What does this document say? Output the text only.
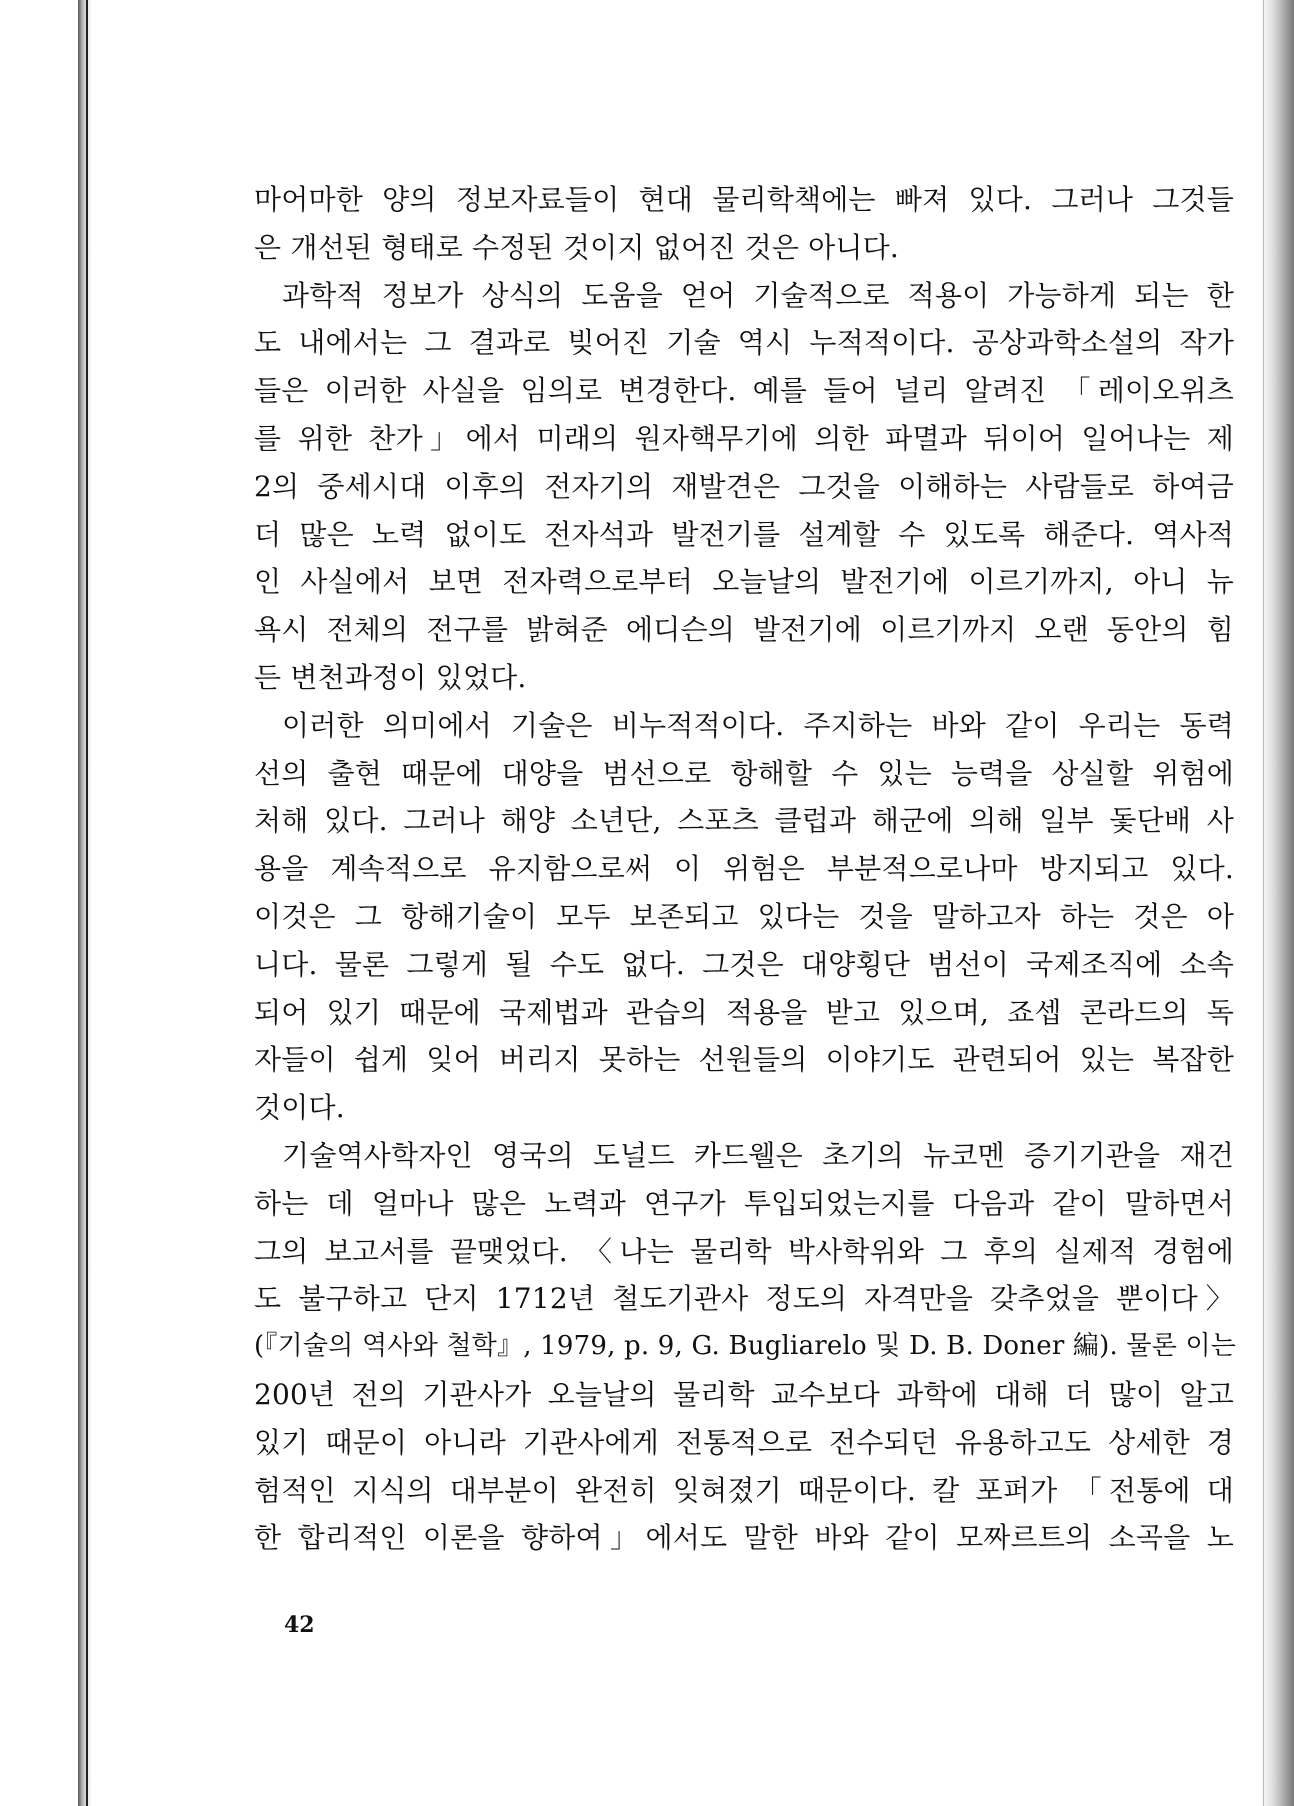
마어마한 양의 정보자료들이 현대 물리학책에는 빠져 있다. 그러나 그것들
은 개선된 형태로 수정된 것이지 없어진 것은 아니다.
과학적 정보가 상식의 도움을 얻어 기술적으로 적용이 가능하게 되는 한
도 내에서는 그 결과로 빚어진 기술 역시 누적적이다. 공상과학소설의 작가
들은 이러한 사실을 임의로 변경한다. 예를 들어 널리 알려진 「레이오위츠
를 위한 찬가」에서 미래의 원자핵무기에 의한 파멸과 뒤이어 일어나는 제
2의 중세시대 이후의 전자기의 재발견은 그것을 이해하는 사람들로 하여금
더 많은 노력 없이도 전자석과 발전기를 설계할 수 있도록 해준다. 역사적
인 사실에서 보면 전자력으로부터 오늘날의 발전기에 이르기까지, 아니 뉴
욕시 전체의 전구를 밝혀준 에디슨의 발전기에 이르기까지 오랜 동안의 힘
든 변천과정이 있었다.
이러한 의미에서 기술은 비누적적이다. 주지하는 바와 같이 우리는 동력
선의 출현 때문에 대양을 범선으로 항해할 수 있는 능력을 상실할 위험에
처해 있다. 그러나 해양 소년단, 스포츠 클럽과 해군에 의해 일부 돛단배 사
용을 계속적으로 유지함으로써 이 위험은 부분적으로나마 방지되고 있다.
이것은 그 항해기술이 모두 보존되고 있다는 것을 말하고자 하는 것은 아
니다. 물론 그렇게 될 수도 없다. 그것은 대양횡단 범선이 국제조직에 소속
되어 있기 때문에 국제법과 관습의 적용을 받고 있으며, 죠셉 콘라드의 독
자들이 쉽게 잊어 버리지 못하는 선원들의 이야기도 관련되어 있는 복잡한
것이다.
기술역사학자인 영국의 도널드 카드웰은 초기의 뉴코멘 증기기관을 재건
하는 데 얼마나 많은 노력과 연구가 투입되었는지를 다음과 같이 말하면서
그의 보고서를 끝맺었다. 〈나는 물리학 박사학위와 그 후의 실제적 경험에
도 불구하고 단지 1712년 철도기관사 정도의 자격만을 갖추었을 뿐이다〉
(『기술의 역사와 철학』, 1979, p. 9, G. Bugliarelo 및 D. B. Doner 編). 물론 이는
200년 전의 기관사가 오늘날의 물리학 교수보다 과학에 대해 더 많이 알고
있기 때문이 아니라 기관사에게 전통적으로 전수되던 유용하고도 상세한 경
험적인 지식의 대부분이 완전히 잊혀졌기 때문이다. 칼 포퍼가 「전통에 대
한 합리적인 이론을 향하여」에서도 말한 바와 같이 모짜르트의 소곡을 노
42
